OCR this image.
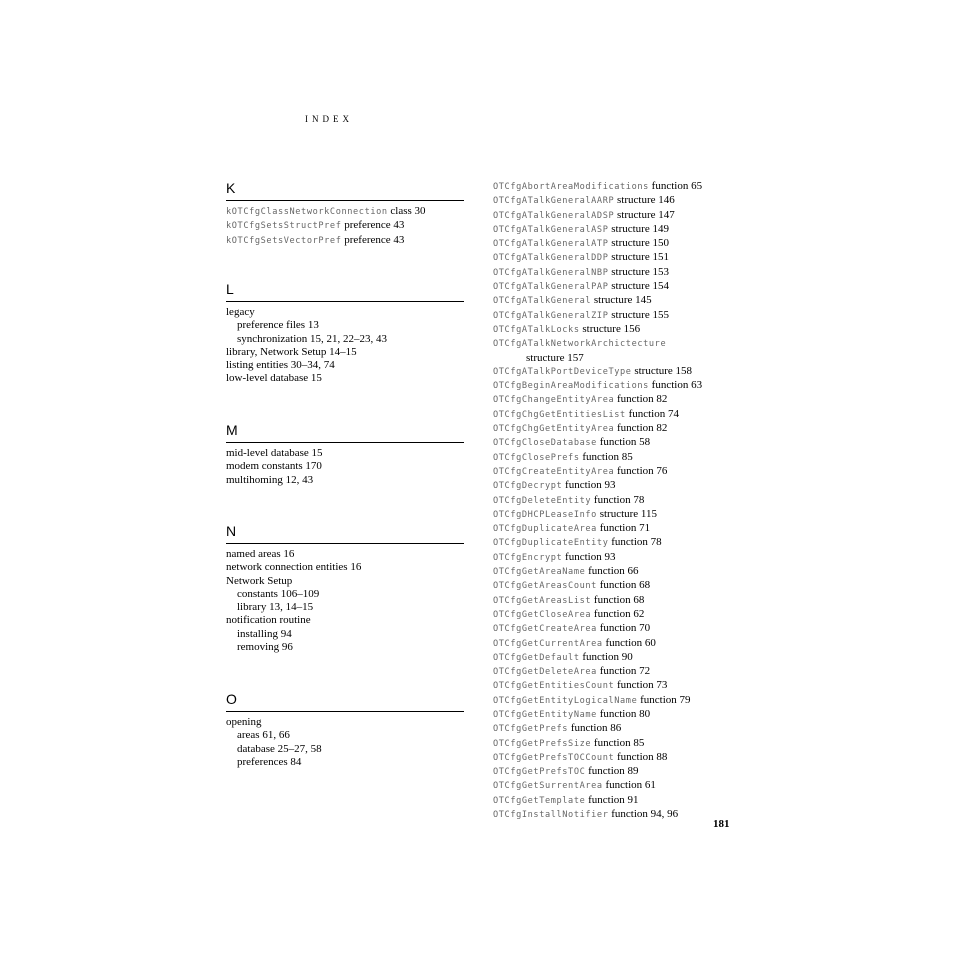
INDEX
K
kOTCfgClassNetworkConnection class 30
kOTCfgSetsStructPref preference 43
kOTCfgSetsVectorPref preference 43
L
legacy
preference files 13
synchronization 15, 21, 22–23, 43
library, Network Setup 14–15
listing entities 30–34, 74
low-level database 15
M
mid-level database 15
modem constants 170
multihoming 12, 43
N
named areas 16
network connection entities 16
Network Setup
constants 106–109
library 13, 14–15
notification routine
installing 94
removing 96
O
opening
areas 61, 66
database 25–27, 58
preferences 84
OTCfgAbortAreaModifications function 65
OTCfgATalkGeneralAARP structure 146
OTCfgATalkGeneralADSP structure 147
OTCfgATalkGeneralASP structure 149
OTCfgATalkGeneralATP structure 150
OTCfgATalkGeneralDDP structure 151
OTCfgATalkGeneralNBP structure 153
OTCfgATalkGeneralPAP structure 154
OTCfgATalkGeneral structure 145
OTCfgATalkGeneralZIP structure 155
OTCfgATalkLocks structure 156
OTCfgATalkNetworkArchictecture
structure 157
OTCfgATalkPortDeviceType structure 158
OTCfgBeginAreaModifications function 63
OTCfgChangeEntityArea function 82
OTCfgChgGetEntitiesList function 74
OTCfgChgGetEntityArea function 82
OTCfgCloseDatabase function 58
OTCfgClosePrefs function 85
OTCfgCreateEntityArea function 76
OTCfgDecrypt function 93
OTCfgDeleteEntity function 78
OTCfgDHCPLeaseInfo structure 115
OTCfgDuplicateArea function 71
OTCfgDuplicateEntity function 78
OTCfgEncrypt function 93
OTCfgGetAreaName function 66
OTCfgGetAreasCount function 68
OTCfgGetAreasList function 68
OTCfgGetCloseArea function 62
OTCfgGetCreateArea function 70
OTCfgGetCurrentArea function 60
OTCfgGetDefault function 90
OTCfgGetDeleteArea function 72
OTCfgGetEntitiesCount function 73
OTCfgGetEntityLogicalName function 79
OTCfgGetEntityName function 80
OTCfgGetPrefs function 86
OTCfgGetPrefsSize function 85
OTCfgGetPrefsTOCCount function 88
OTCfgGetPrefsTOC function 89
OTCfgGetSurrentArea function 61
OTCfgGetTemplate function 91
OTCfgInstallNotifier function 94, 96
181
